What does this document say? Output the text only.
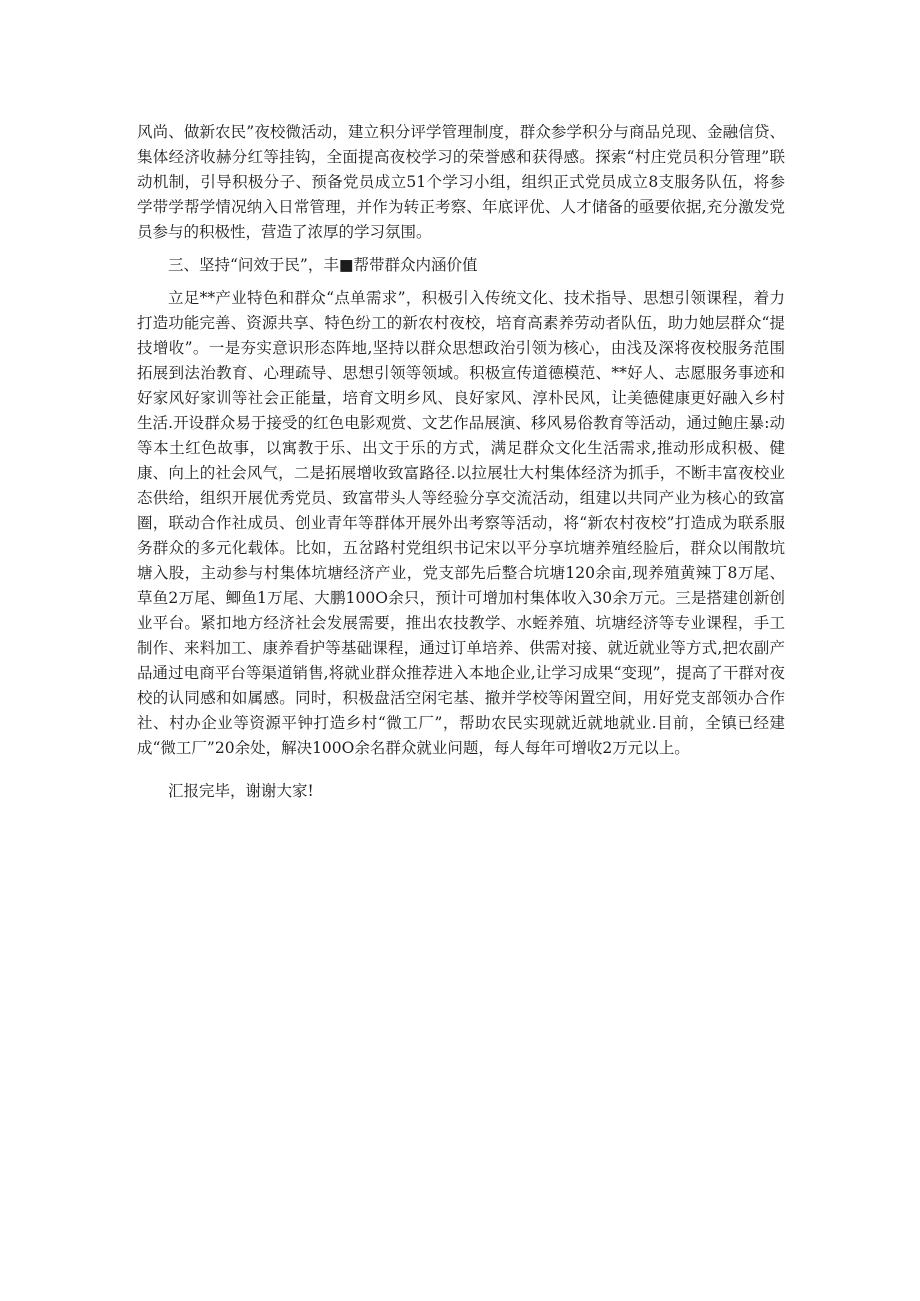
风尚、做新农民”夜校微活动，建立积分评学管理制度，群众参学积分与商品兑现、金融信贷、集体经济收赫分红等挂钩，全面提高夜校学习的荣誉感和获得感。探索“村庄党员积分管理”联动机制，引导积极分子、预备党员成立51个学习小组，组织正式党员成立8支服务队伍，将参学带学帮学情况纳入日常管理，并作为转正考察、年底评优、人才储备的亟要依据,充分激发党员参与的积极性，营造了浓厚的学习氛围。

三、坚持“问效于民”，丰■帮带群众内涵价值

立足**产业特色和群众“点单需求”，积极引入传统文化、技术指导、思想引领课程，着力打造功能完善、资源共享、特色纷工的新农村夜校，培育高素养劳动者队伍，助力她层群众“提技增收”。一是夯实意识形态阵地,坚持以群众思想政治引领为核心，由浅及深将夜校服务范围拓展到法治教育、心理疏导、思想引领等领域。积极宣传道德模范、**好人、志愿服务事迹和好家风好家训等社会正能量，培育文明乡风、良好家风、淳朴民风，让美德健康更好融入乡村生活.开设群众易于接受的红色电影观赏、文艺作品展演、移风易俗教育等活动，通过鲍庄暴:动等本土红色故事，以寓教于乐、出文于乐的方式，满足群众文化生活需求,推动形成积极、健康、向上的社会风气，二是拓展增收致富路径.以拉展壮大村集体经济为抓手，不断丰富夜校业态供给，组织开展优秀党员、致富带头人等经验分享交流活动，组建以共同产业为核心的致富圈，联动合作社成员、创业青年等群体开展外出考察等活动，将“新农村夜校”打造成为联系服务群众的多元化载体。比如，五岔路村党组织书记宋以平分享坑塘养殖经脸后，群众以闱散坑塘入股，主动参与村集体坑塘经济产业，党支部先后整合坑塘120余亩,现养殖黄辣丁8万尾、草鱼2万尾、鲫鱼1万尾、大鹏100O余只，预计可增加村集体收入30余万元。三是搭建创新创业平台。紧扣地方经济社会发展需要，推出农技教学、水蛭养殖、坑塘经济等专业课程，手工制作、来料加工、康养看护等基础课程，通过订单培养、供需对接、就近就业等方式,把农副产品通过电商平台等渠道销售,将就业群众推荐进入本地企业,让学习成果“变现”，提高了干群对夜校的认同感和如属感。同时，积极盘活空闲宅基、撤并学校等闲置空间，用好党支部领办合作社、村办企业等资源平钟打造乡村“微工厂”，帮助农民实现就近就地就业.目前，全镇已经建成“微工厂”20余处，解决100O余名群众就业问题，每人每年可增收2万元以上。

汇报完毕，谢谢大家!
